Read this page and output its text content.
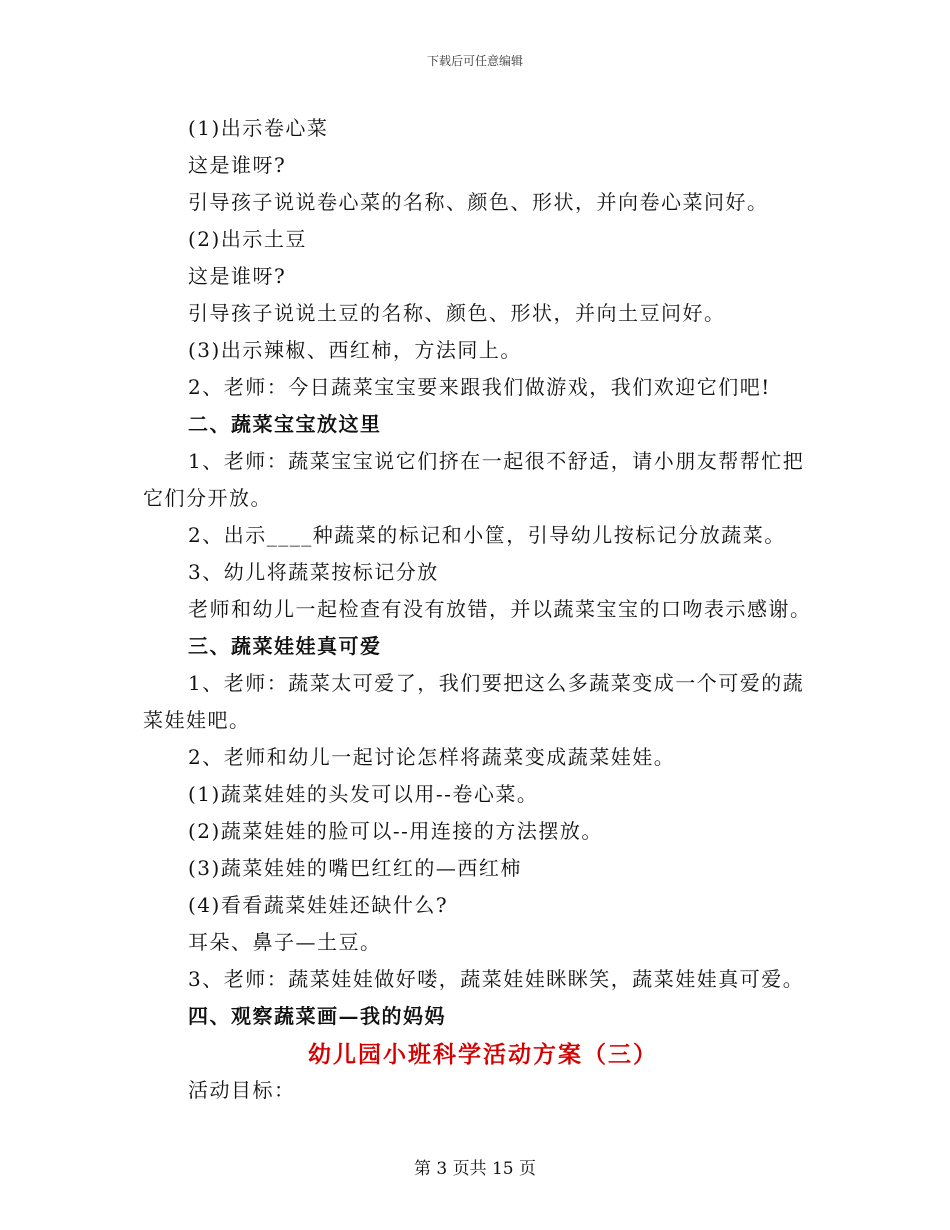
下载后可任意编辑
(1)出示卷心菜
这是谁呀?
引导孩子说说卷心菜的名称、颜色、形状，并向卷心菜问好。
(2)出示土豆
这是谁呀?
引导孩子说说土豆的名称、颜色、形状，并向土豆问好。
(3)出示辣椒、西红柿，方法同上。
2、老师：今日蔬菜宝宝要来跟我们做游戏，我们欢迎它们吧!
二、蔬菜宝宝放这里
1、老师：蔬菜宝宝说它们挤在一起很不舒适，请小朋友帮帮忙把
它们分开放。
2、出示____种蔬菜的标记和小筐，引导幼儿按标记分放蔬菜。
3、幼儿将蔬菜按标记分放
老师和幼儿一起检查有没有放错，并以蔬菜宝宝的口吻表示感谢。
三、蔬菜娃娃真可爱
1、老师：蔬菜太可爱了，我们要把这么多蔬菜变成一个可爱的蔬
菜娃娃吧。
2、老师和幼儿一起讨论怎样将蔬菜变成蔬菜娃娃。
(1)蔬菜娃娃的头发可以用--卷心菜。
(2)蔬菜娃娃的脸可以--用连接的方法摆放。
(3)蔬菜娃娃的嘴巴红红的—西红柿
(4)看看蔬菜娃娃还缺什么?
耳朵、鼻子—土豆。
3、老师：蔬菜娃娃做好喽，蔬菜娃娃眯眯笑，蔬菜娃娃真可爱。
四、观察蔬菜画—我的妈妈
幼儿园小班科学活动方案（三）
活动目标：
第 3 页共 15 页
